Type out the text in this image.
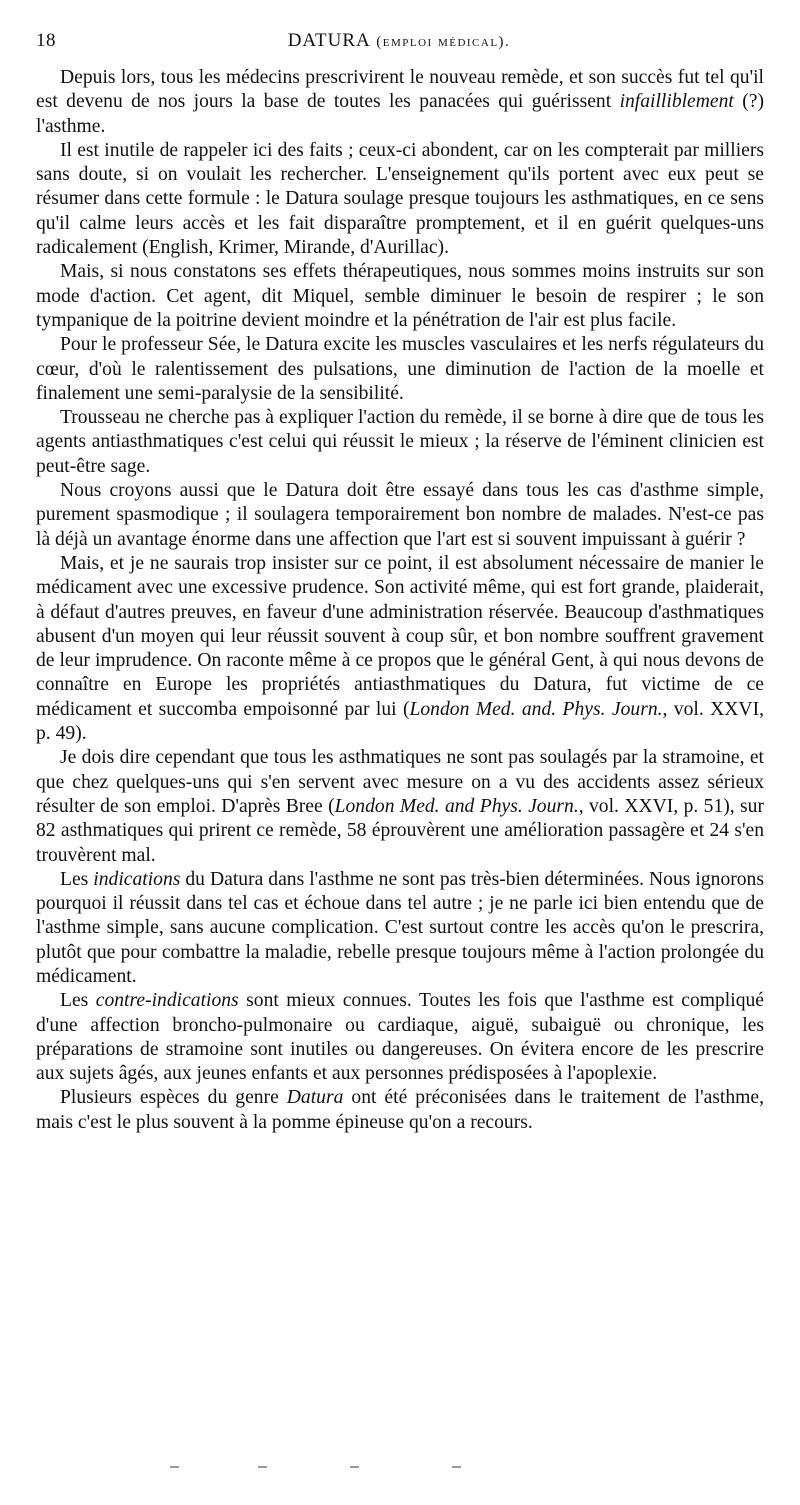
18	DATURA (emploi médical).

Depuis lors, tous les médecins prescrivirent le nouveau remède, et son succès fut tel qu'il est devenu de nos jours la base de toutes les panacées qui guérissent infailliblement (?) l'asthme.

Il est inutile de rappeler ici des faits ; ceux-ci abondent, car on les compterait par milliers sans doute, si on voulait les rechercher. L'enseignement qu'ils portent avec eux peut se résumer dans cette formule : le Datura soulage presque toujours les asthmatiques, en ce sens qu'il calme leurs accès et les fait disparaître promptement, et il en guérit quelques-uns radicalement (English, Krimer, Mirande, d'Aurillac).

Mais, si nous constatons ses effets thérapeutiques, nous sommes moins instruits sur son mode d'action. Cet agent, dit Miquel, semble diminuer le besoin de respirer ; le son tympanique de la poitrine devient moindre et la pénétration de l'air est plus facile.

Pour le professeur Sée, le Datura excite les muscles vasculaires et les nerfs régulateurs du cœur, d'où le ralentissement des pulsations, une diminution de l'action de la moelle et finalement une semi-paralysie de la sensibilité.

Trousseau ne cherche pas à expliquer l'action du remède, il se borne à dire que de tous les agents antiasthmatiques c'est celui qui réussit le mieux ; la réserve de l'éminent clinicien est peut-être sage.

Nous croyons aussi que le Datura doit être essayé dans tous les cas d'asthme simple, purement spasmodique ; il soulagera temporairement bon nombre de malades. N'est-ce pas là déjà un avantage énorme dans une affection que l'art est si souvent impuissant à guérir ?

Mais, et je ne saurais trop insister sur ce point, il est absolument nécessaire de manier le médicament avec une excessive prudence. Son activité même, qui est fort grande, plaiderait, à défaut d'autres preuves, en faveur d'une administration réservée. Beaucoup d'asthmatiques abusent d'un moyen qui leur réussit souvent à coup sûr, et bon nombre souffrent gravement de leur imprudence. On raconte même à ce propos que le général Gent, à qui nous devons de connaître en Europe les propriétés antiasthmatiques du Datura, fut victime de ce médicament et succomba empoisonné par lui (London Med. and. Phys. Journ., vol. XXVI, p. 49).

Je dois dire cependant que tous les asthmatiques ne sont pas soulagés par la stramoine, et que chez quelques-uns qui s'en servent avec mesure on a vu des accidents assez sérieux résulter de son emploi. D'après Bree (London Med. and Phys. Journ., vol. XXVI, p. 51), sur 82 asthmatiques qui prirent ce remède, 58 éprouvèrent une amélioration passagère et 24 s'en trouvèrent mal.

Les indications du Datura dans l'asthme ne sont pas très-bien déterminées. Nous ignorons pourquoi il réussit dans tel cas et échoue dans tel autre ; je ne parle ici bien entendu que de l'asthme simple, sans aucune complication. C'est surtout contre les accès qu'on le prescrira, plutôt que pour combattre la maladie, rebelle presque toujours même à l'action prolongée du médicament.

Les contre-indications sont mieux connues. Toutes les fois que l'asthme est compliqué d'une affection broncho-pulmonaire ou cardiaque, aiguë, subaiguë ou chronique, les préparations de stramoine sont inutiles ou dangereuses. On évitera encore de les prescrire aux sujets âgés, aux jeunes enfants et aux personnes prédisposées à l'apoplexie.

Plusieurs espèces du genre Datura ont été préconisées dans le traitement de l'asthme, mais c'est le plus souvent à la pomme épineuse qu'on a recours.
